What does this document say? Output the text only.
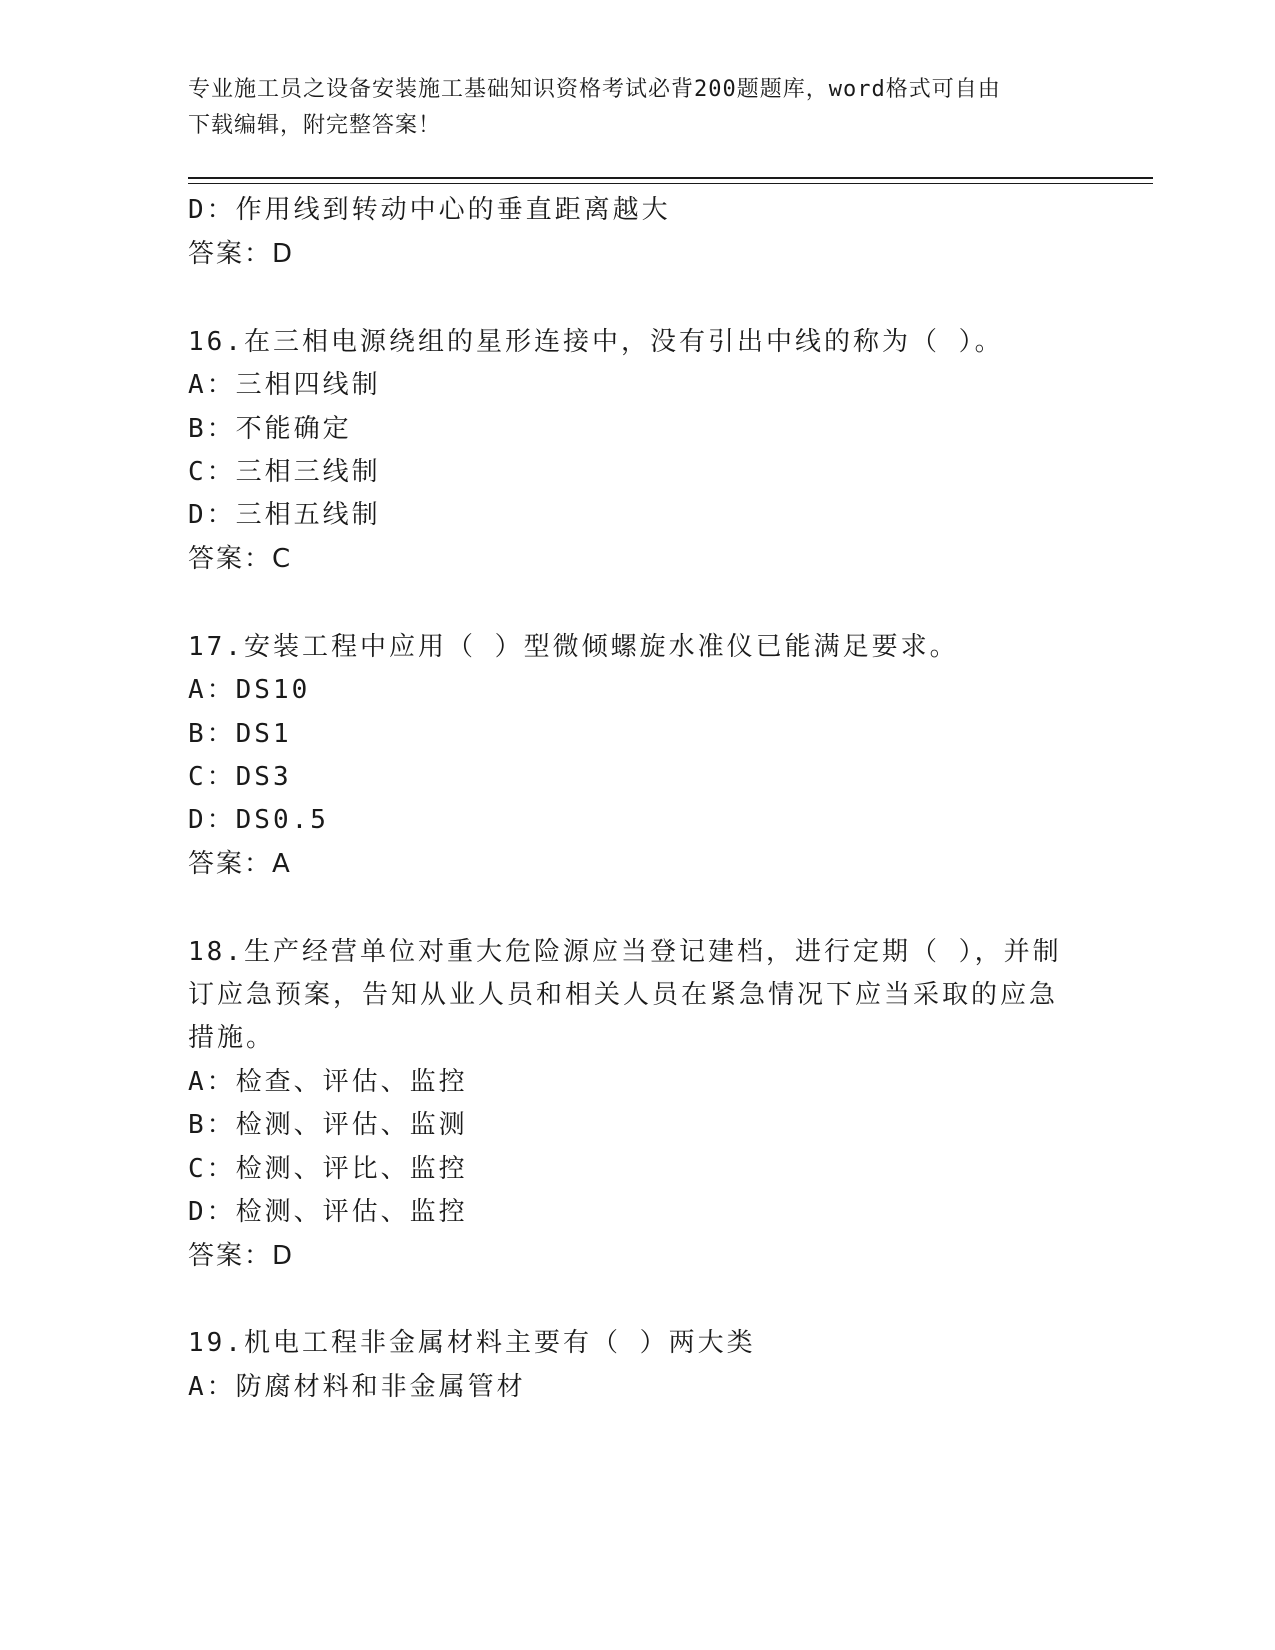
专业施工员之设备安装施工基础知识资格考试必背200题题库，word格式可自由
下载编辑，附完整答案！
D：作用线到转动中心的垂直距离越大
答案：D
16.在三相电源绕组的星形连接中，没有引出中线的称为（ ）。
A：三相四线制
B：不能确定
C：三相三线制
D：三相五线制
答案：C
17.安装工程中应用（ ）型微倾螺旋水准仪已能满足要求。
A：DS10
B：DS1
C：DS3
D：DS0.5
答案：A
18.生产经营单位对重大危险源应当登记建档，进行定期（ ），并制
订应急预案，告知从业人员和相关人员在紧急情况下应当采取的应急
措施。
A：检查、评估、监控
B：检测、评估、监测
C：检测、评比、监控
D：检测、评估、监控
答案：D
19.机电工程非金属材料主要有（ ）两大类
A：防腐材料和非金属管材
